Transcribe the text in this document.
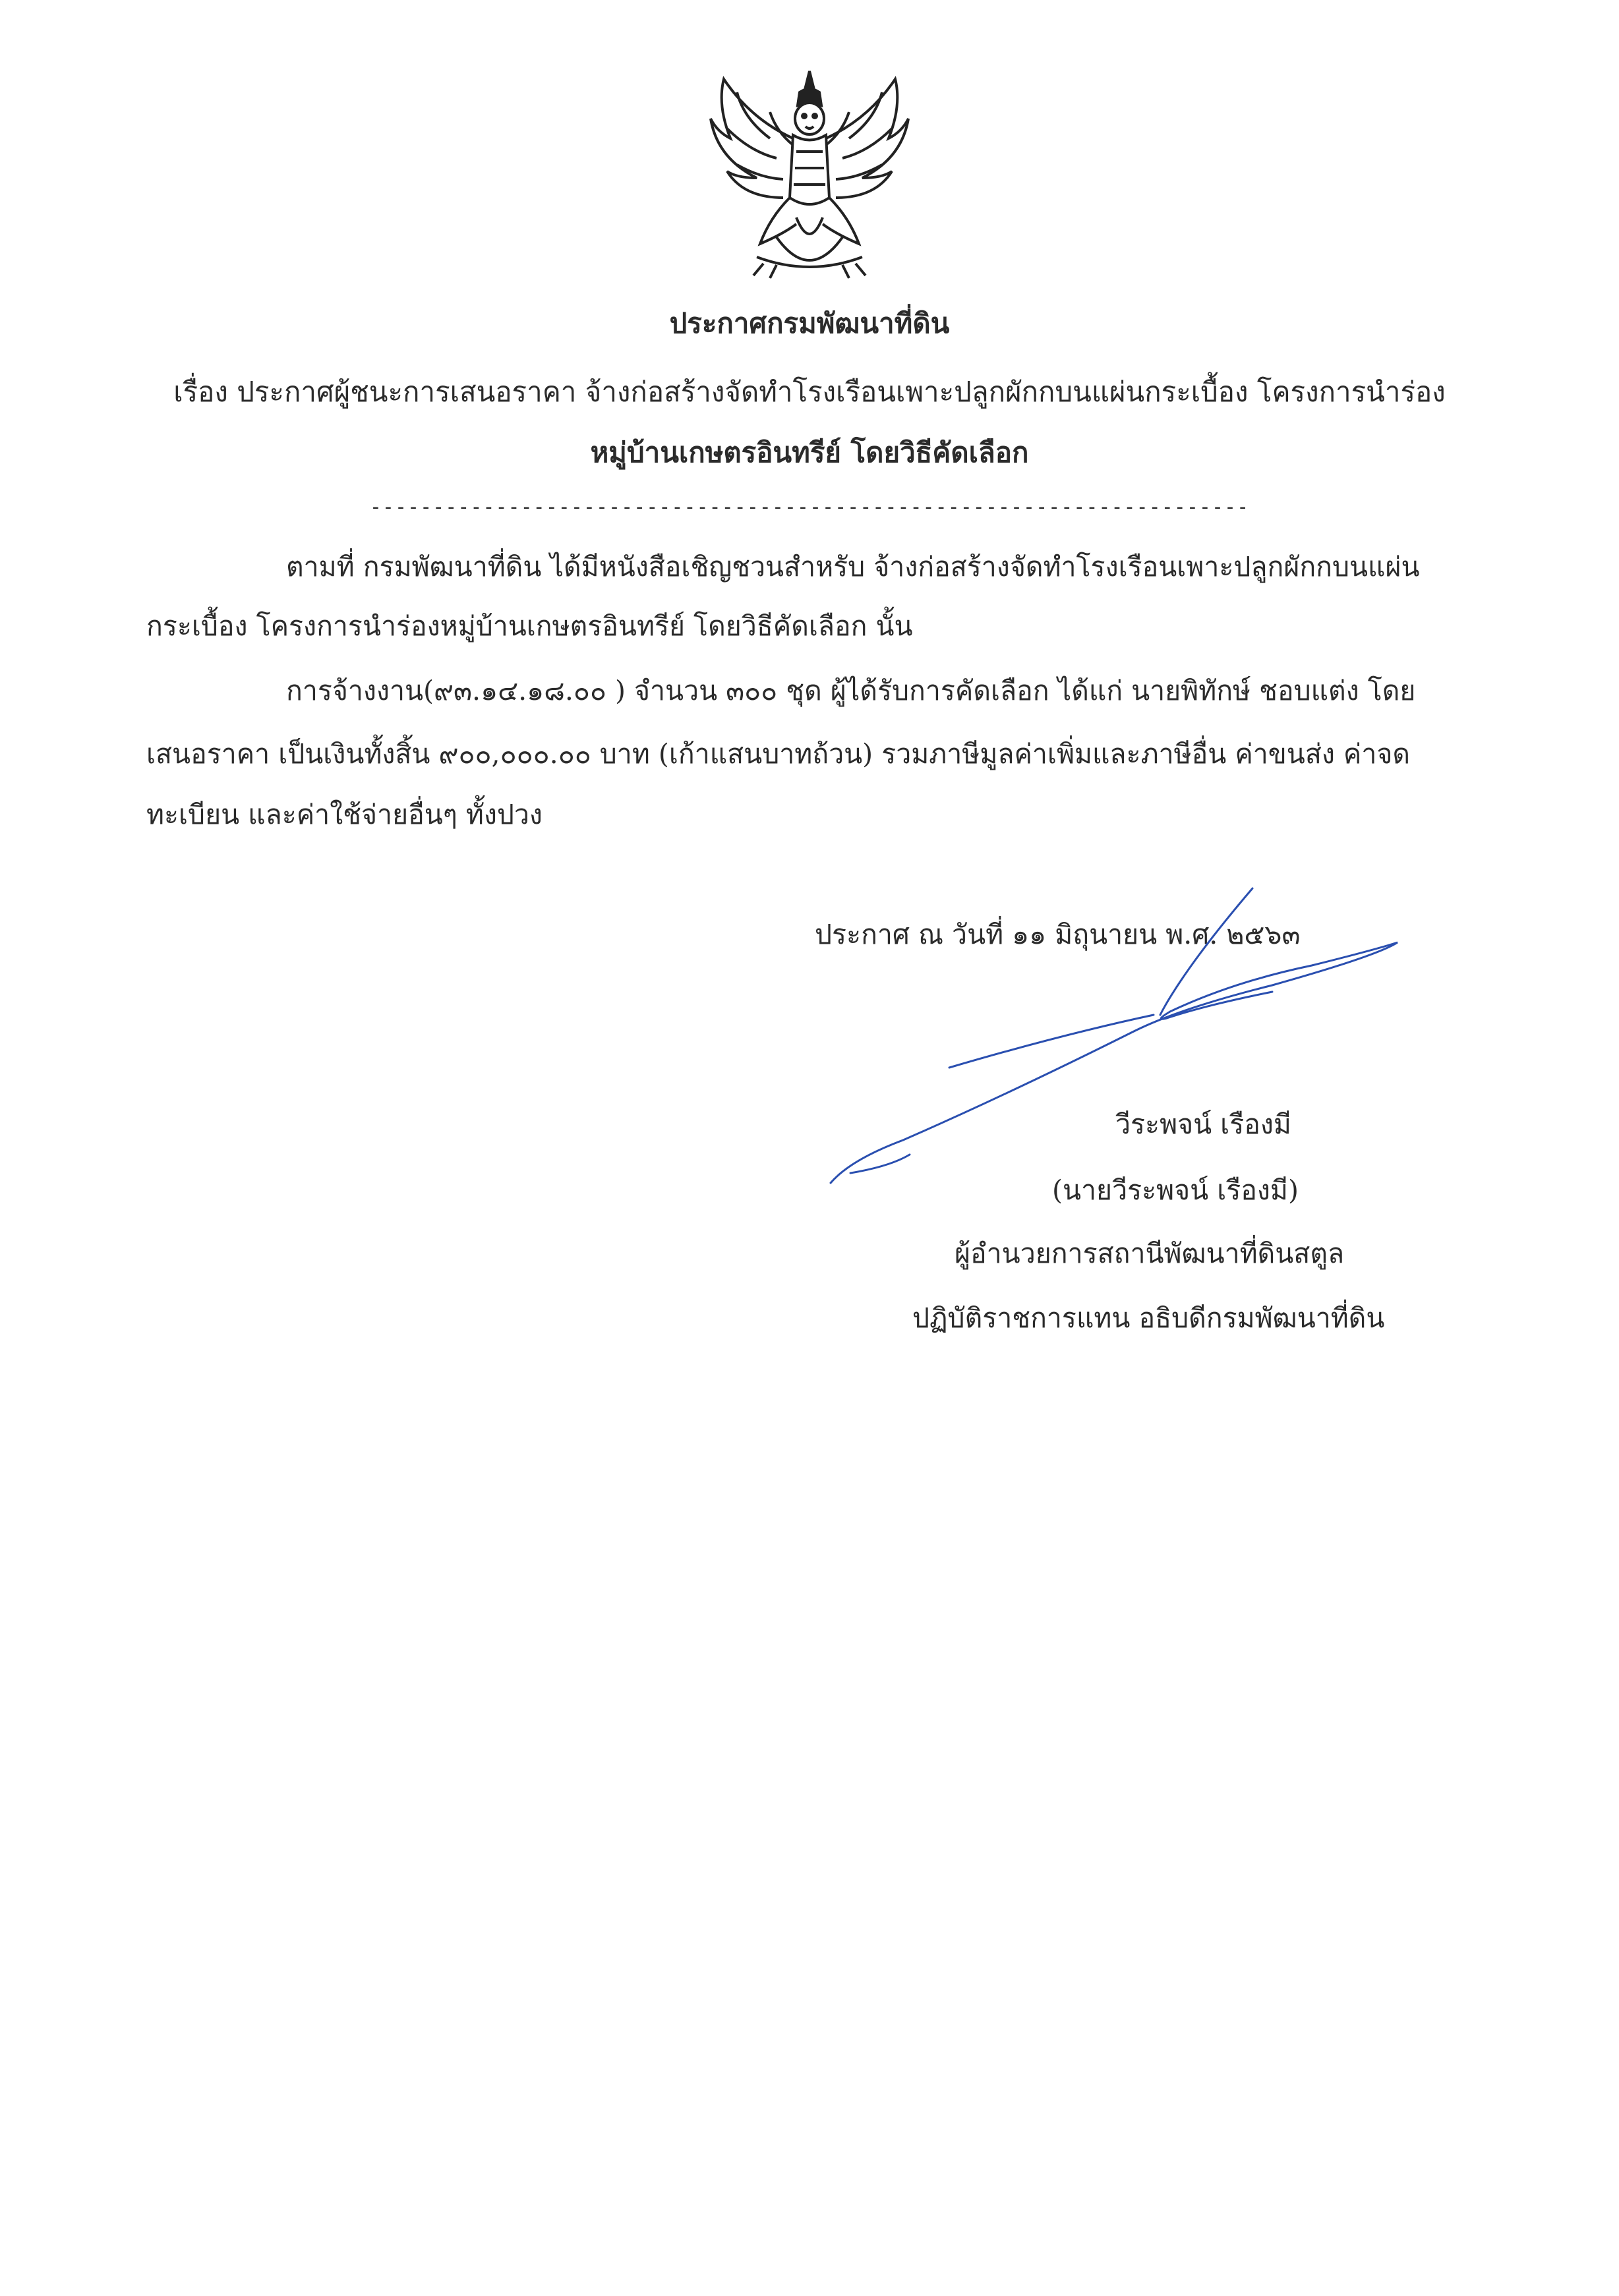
ประกาศกรมพัฒนาที่ดิน
เรื่อง ประกาศผู้ชนะการเสนอราคา จ้างก่อสร้างจัดทำโรงเรือนเพาะปลูกผักกบนแผ่นกระเบื้อง โครงการนำร่อง
หมู่บ้านเกษตรอินทรีย์ โดยวิธีคัดเลือก
----------------------------------------------------------------------
ตามที่ กรมพัฒนาที่ดิน ได้มีหนังสือเชิญชวนสำหรับ จ้างก่อสร้างจัดทำโรงเรือนเพาะปลูกผักกบนแผ่น
กระเบื้อง โครงการนำร่องหมู่บ้านเกษตรอินทรีย์ โดยวิธีคัดเลือก นั้น
การจ้างงาน(๙๓.๑๔.๑๘.๐๐ ) จำนวน ๓๐๐ ชุด ผู้ได้รับการคัดเลือก ได้แก่ นายพิทักษ์ ชอบแต่ง โดย
เสนอราคา เป็นเงินทั้งสิ้น ๙๐๐,๐๐๐.๐๐ บาท (เก้าแสนบาทถ้วน) รวมภาษีมูลค่าเพิ่มและภาษีอื่น ค่าขนส่ง ค่าจด
ทะเบียน และค่าใช้จ่ายอื่นๆ ทั้งปวง
ประกาศ ณ วันที่ ๑๑ มิถุนายน พ.ศ. ๒๕๖๓
วีระพจน์ เรืองมี
(นายวีระพจน์ เรืองมี)
ผู้อำนวยการสถานีพัฒนาที่ดินสตูล
ปฏิบัติราชการแทน อธิบดีกรมพัฒนาที่ดิน
